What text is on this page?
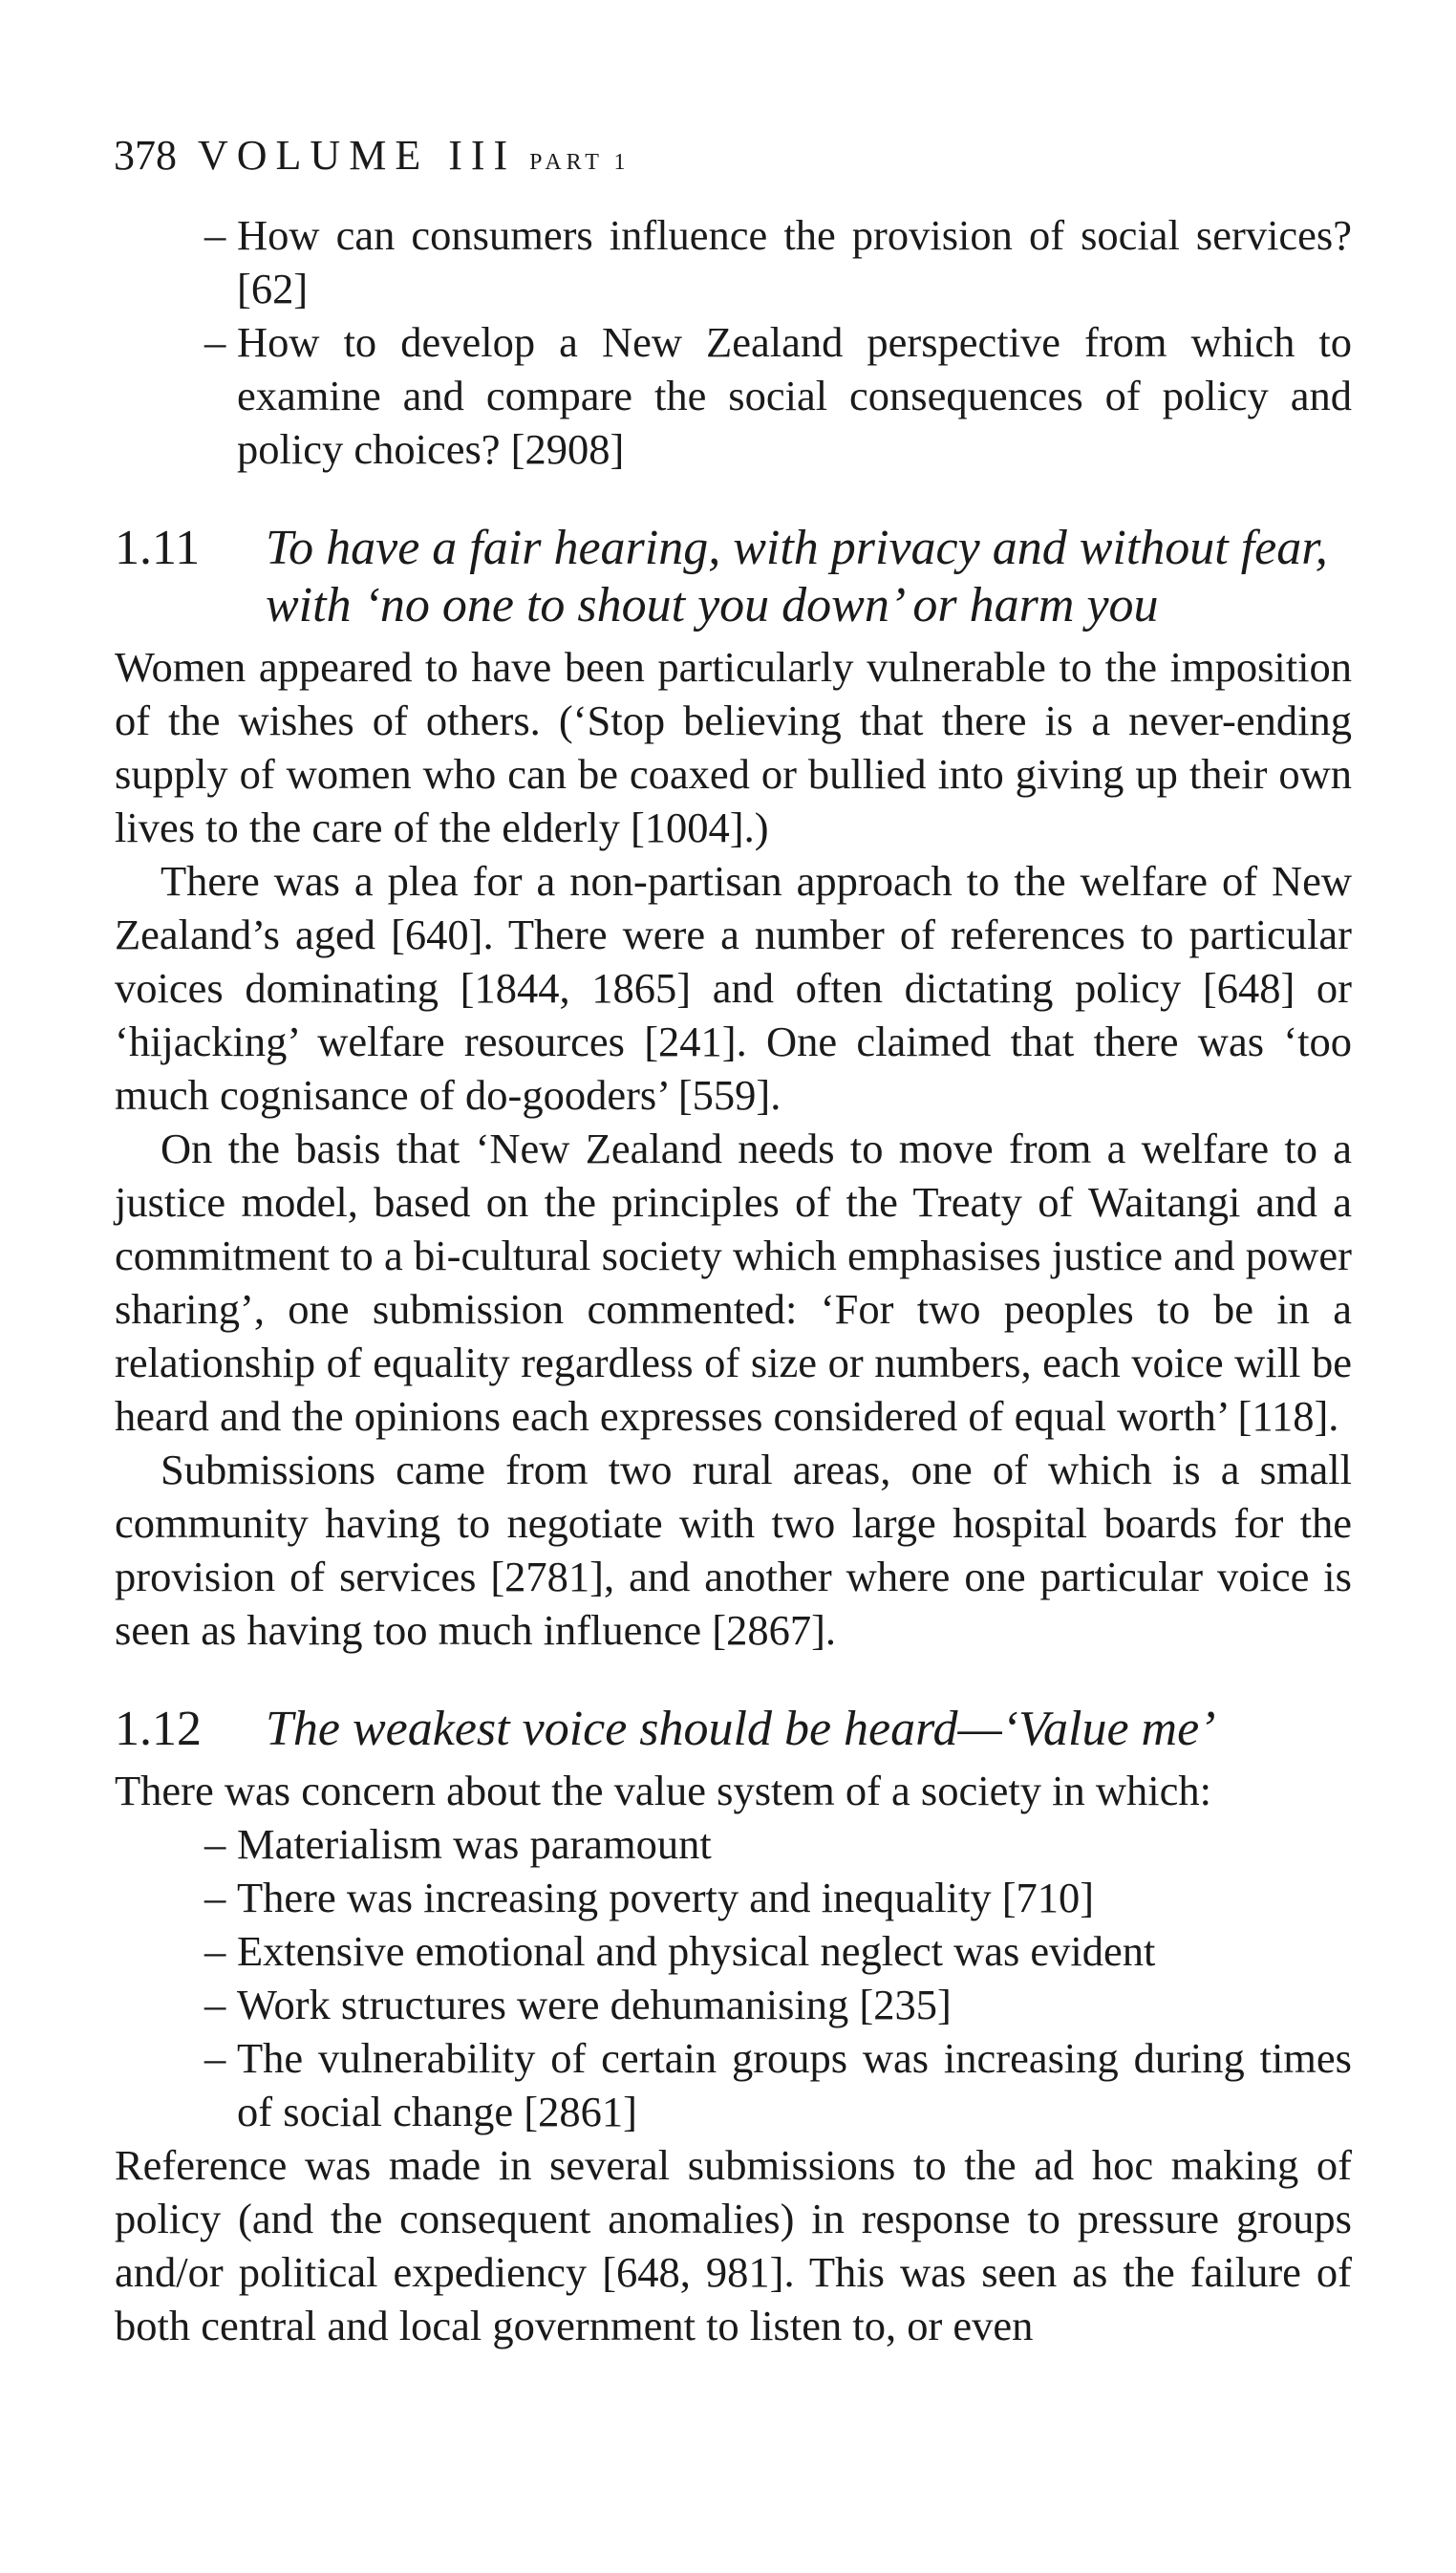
378 VOLUME III PART 1
– How can consumers influence the provision of social services? [62]
– How to develop a New Zealand perspective from which to examine and compare the social consequences of policy and policy choices? [2908]
1.11 To have a fair hearing, with privacy and without fear, with ‘no one to shout you down’ or harm you

Women appeared to have been particularly vulnerable to the imposition of the wishes of others. (‘Stop believing that there is a never-ending supply of women who can be coaxed or bullied into giving up their own lives to the care of the elderly [1004].)

There was a plea for a non-partisan approach to the welfare of New Zealand’s aged [640]. There were a number of references to particular voices dominating [1844, 1865] and often dictating policy [648] or ‘hijacking’ welfare resources [241]. One claimed that there was ‘too much cognisance of do-gooders’ [559].

On the basis that ‘New Zealand needs to move from a welfare to a justice model, based on the principles of the Treaty of Waitangi and a commitment to a bi-cultural society which emphasises justice and power sharing’, one submission commented: ‘For two peoples to be in a relationship of equality regardless of size or numbers, each voice will be heard and the opinions each expresses considered of equal worth’ [118].

Submissions came from two rural areas, one of which is a small community having to negotiate with two large hospital boards for the provision of services [2781], and another where one particular voice is seen as having too much influence [2867].

1.12 The weakest voice should be heard—‘Value me’

There was concern about the value system of a society in which:

– Materialism was paramount
– There was increasing poverty and inequality [710]
– Extensive emotional and physical neglect was evident
– Work structures were dehumanising [235]
– The vulnerability of certain groups was increasing during times of social change [2861]

Reference was made in several submissions to the ad hoc making of policy (and the consequent anomalies) in response to pressure groups and/or political expediency [648, 981]. This was seen as the failure of both central and local government to listen to, or even
